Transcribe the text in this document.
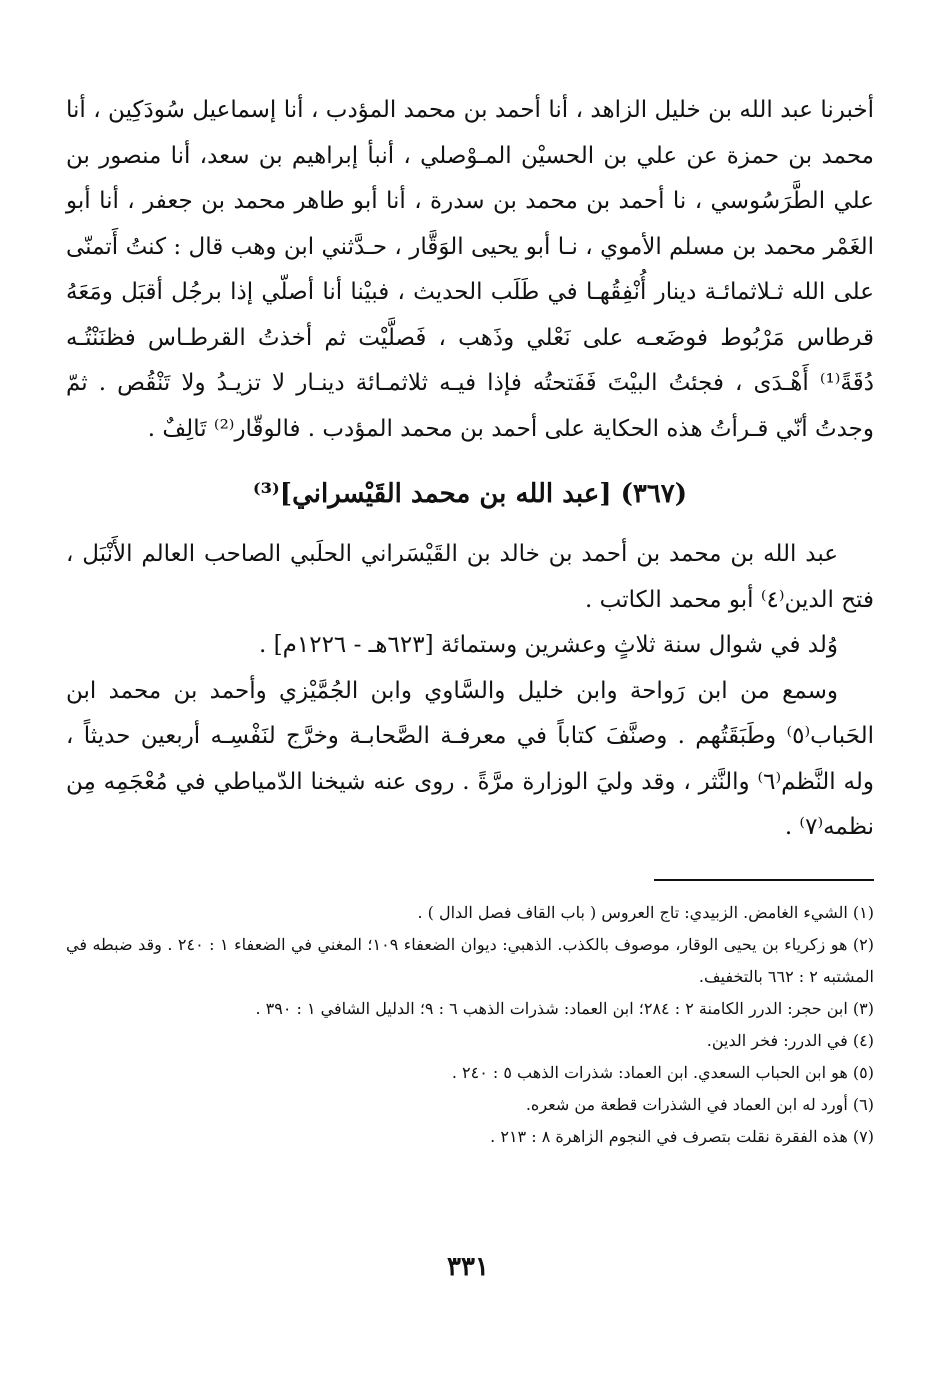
أخبرنا عبد الله بن خليل الزاهد ، أنا أحمد بن محمد المؤدب ، أنا إسماعيل سُودَكِين ، أنا محمد بن حمزة عن علي بن الحسيْن المـوْصلي ، أنبأ إبراهيم بن سعد، أنا منصور بن علي الطَّرَسُوسي ، نا أحمد بن محمد بن سدرة ، أنا أبو طاهر محمد بن جعفر ، أنا أبو الغَمْر محمد بن مسلم الأموي ، نـا أبو يحيى الوَقَّار ، حـدَّثني ابن وهب قال : كنتُ أَتمنّى على الله ثـلاثمائـة دينار أُنْفِقُهـا في طَلَب الحديث ، فبيْنا أنا أصلّي إذا برجُل أقبَل ومَعَهُ قرطاس مَرْبُوط فوضَعـه على نَعْلي وذَهب ، فَصلَّيْت ثم أخذتُ القرطـاس فظنَنْتُـه دُقَةً⁽¹⁾ أَهْـدَى ، فجئتُ البيْتَ فَفَتحتُه فإذا فيـه ثلاثمـائة دينـار لا تزيـدُ ولا تَنْقُص . ثمّ وجدتُ أنّي قـرأتُ هذه الحكاية على أحمد بن محمد المؤدب . فالوقّار⁽²⁾ تَالِفٌ .

(٣٦٧) [عبد الله بن محمد القَيْسراني]⁽³⁾

عبد الله بن محمد بن أحمد بن خالد بن القَيْسَراني الحلَبي الصاحب العالم الأَنْبَل ، فتح الدين⁽٤⁾ أبو محمد الكاتب .

وُلد في شوال سنة ثلاثٍ وعشرين وستمائة [٦٢٣هـ - ١٢٢٦م] .

وسمع من ابن رَواحة وابن خليل والسَّاوي وابن الجُمَّيْزي وأحمد بن محمد ابن الحَباب⁽٥⁾ وطَبَقَتُهم . وصنَّفَ كتاباً في معرفـة الصَّحابـة وخرَّج لنَفْسِـه أربعين حديثاً ، وله النَّظم⁽٦⁾ والنَّثر ، وقد وليَ الوزارة مرَّةً . روى عنه شيخنا الدّمياطي في مُعْجَمِه مِن نظمه⁽٧⁾ .

(١) الشيء الغامض. الزبيدي: تاج العروس ( باب القاف فصل الدال ) .
(٢) هو زكرياء بن يحيى الوقار، موصوف بالكذب. الذهبي: ديوان الضعفاء ١٠٩؛ المغني في الضعفاء ١ : ٢٤٠ . وقد ضبطه في المشتبه ٢ : ٦٦٢ بالتخفيف.
(٣) ابن حجر: الدرر الكامنة ٢ : ٢٨٤؛ ابن العماد: شذرات الذهب ٦ : ٩؛ الدليل الشافي ١ : ٣٩٠ .
(٤) في الدرر: فخر الدين.
(٥) هو ابن الحباب السعدي. ابن العماد: شذرات الذهب ٥ : ٢٤٠ .
(٦) أورد له ابن العماد في الشذرات قطعة من شعره.
(٧) هذه الفقرة نقلت بتصرف في النجوم الزاهرة ٨ : ٢١٣ .
٣٣١
